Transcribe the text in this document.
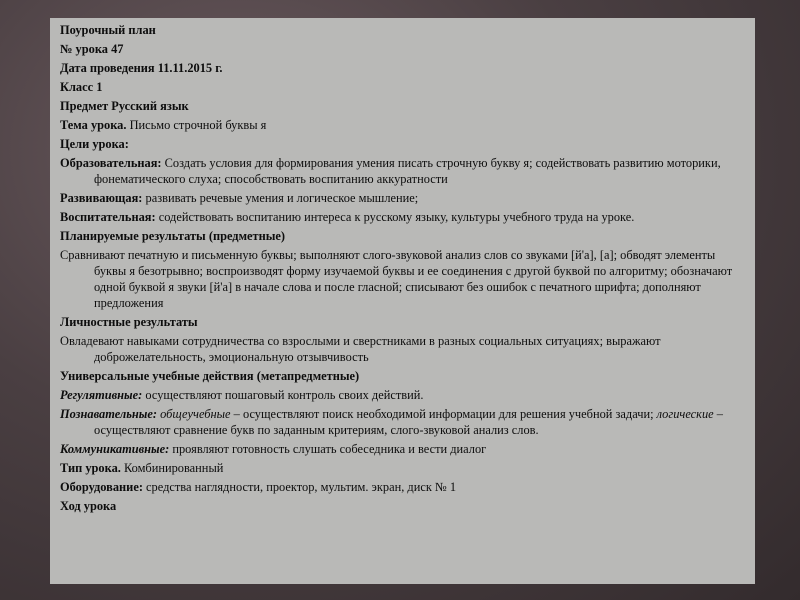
Поурочный план
№ урока 47
Дата проведения 11.11.2015 г.
Класс 1
Предмет Русский язык
Тема урока. Письмо строчной буквы я
Цели урока:
Образовательная: Создать условия для формирования умения писать строчную букву я; содействовать развитию моторики, фонематического слуха; способствовать воспитанию аккуратности
Развивающая: развивать речевые умения и логическое мышление;
Воспитательная: содействовать воспитанию интереса к русскому языку, культуры учебного труда на уроке.
Планируемые результаты (предметные)
Сравнивают печатную и письменную буквы; выполняют слого-звуковой анализ слов со звуками [й'а], [а]; обводят элементы буквы я безотрывно; воспроизводят форму изучаемой буквы и ее соединения с другой буквой по алгоритму; обозначают одной буквой я звуки [й'а] в начале слова и после гласной; списывают без ошибок с печатного шрифта; дополняют предложения
Личностные результаты
Овладевают навыками сотрудничества со взрослыми и сверстниками в разных социальных ситуациях; выражают доброжелательность, эмоциональную отзывчивость
Универсальные учебные действия (метапредметные)
Регулятивные: осуществляют пошаговый контроль своих действий.
Познавательные: общеучебные – осуществляют поиск необходимой информации для решения учебной задачи; логические – осуществляют сравнение букв по заданным критериям, слого-звуковой анализ слов.
Коммуникативные: проявляют готовность слушать собеседника и вести диалог
Тип урока. Комбинированный
Оборудование: средства наглядности, проектор, мультим. экран, диск № 1
Ход урока
